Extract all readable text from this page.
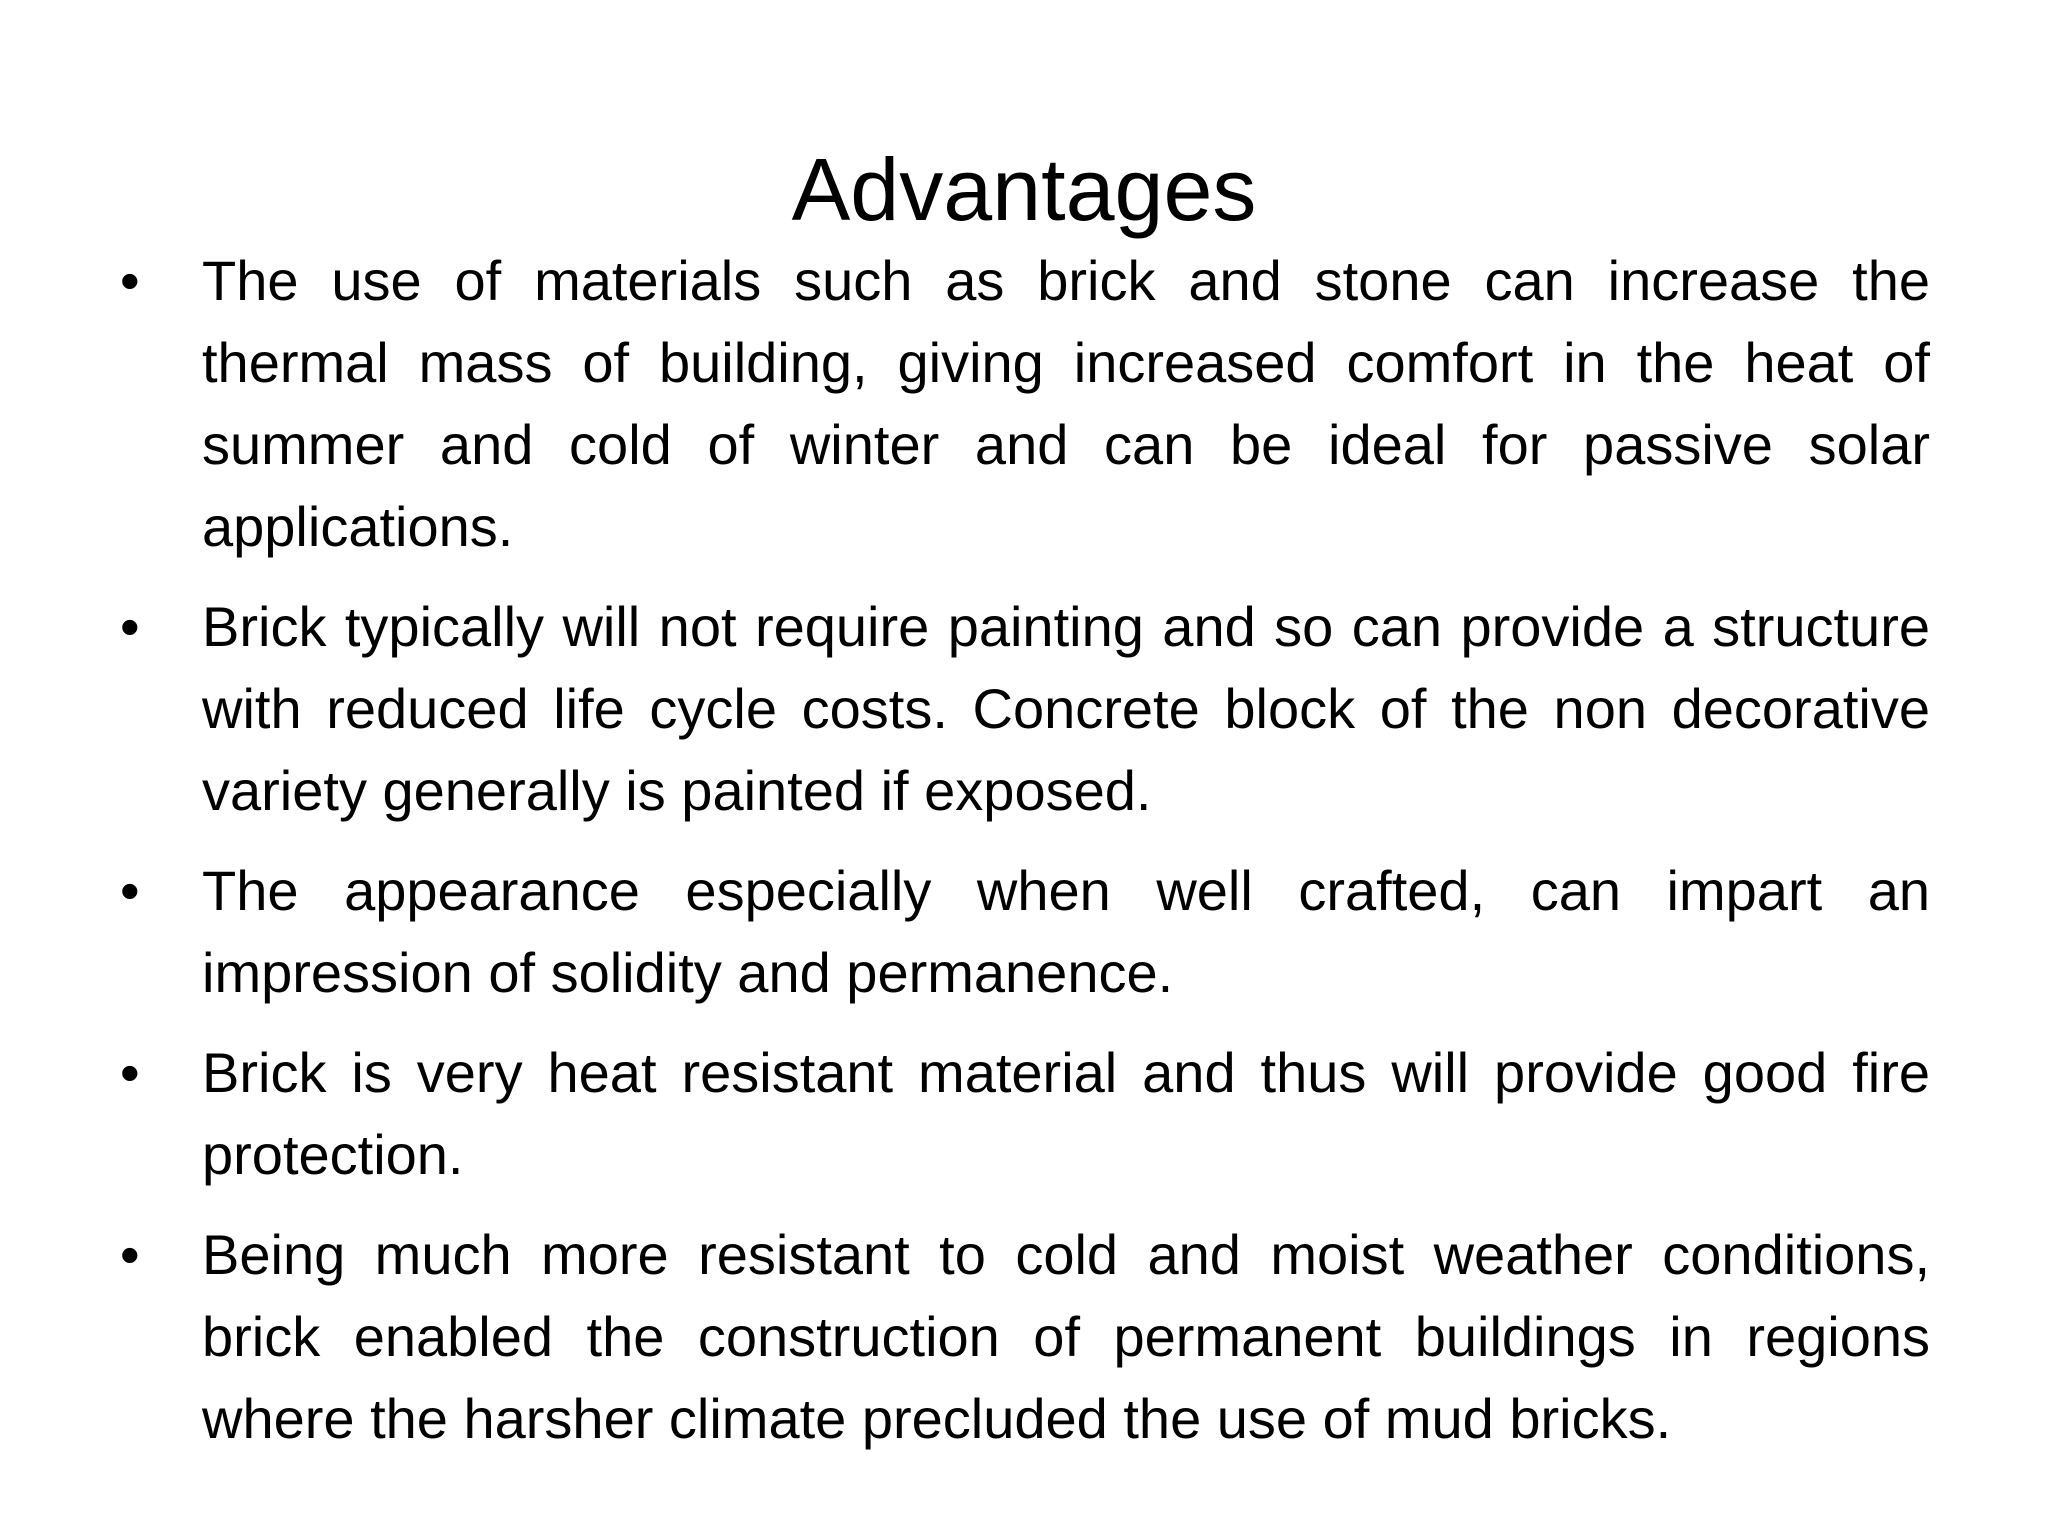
Advantages
•	The use of materials such as brick and stone can increase the thermal mass of building, giving increased comfort in the heat of summer and cold of winter and can be ideal for passive solar applications.
•	Brick typically will not require painting and so can provide a structure with reduced life cycle costs. Concrete block of the non decorative variety generally is painted if exposed.
•	The appearance especially when well crafted, can impart an impression of solidity and permanence.
•	Brick is very heat resistant material and thus will provide good fire protection.
•	Being much more resistant to cold and moist weather conditions, brick enabled the construction of permanent buildings in regions where the harsher climate precluded the use of mud bricks.
